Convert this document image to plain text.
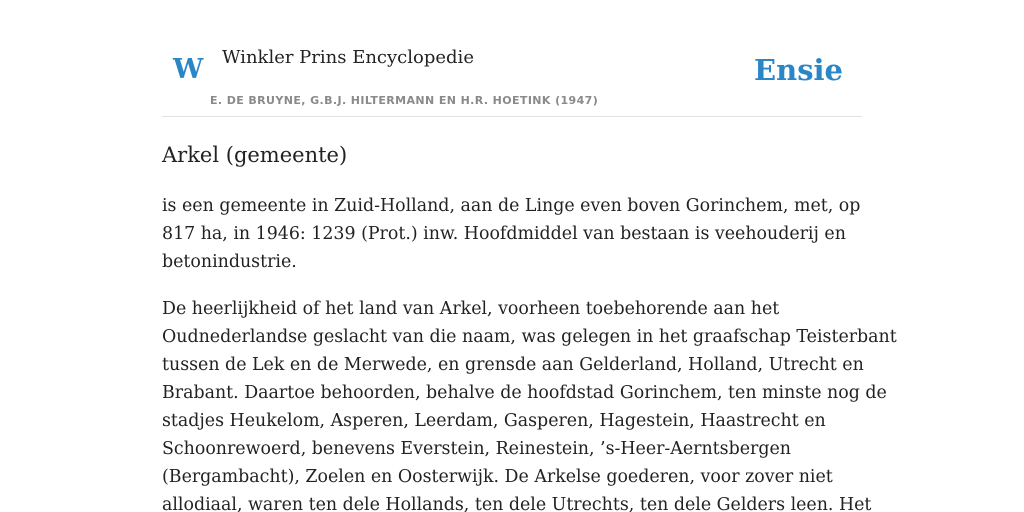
W Winkler Prins Encyclopedie
E. DE BRUYNE, G.B.J. HILTERMANN EN H.R. HOETINK (1947)
Ensie
Arkel (gemeente)

is een gemeente in Zuid-Holland, aan de Linge even boven Gorinchem, met, op
817 ha, in 1946: 1239 (Prot.) inw. Hoofdmiddel van bestaan is veehouderij en
betonindustrie.

De heerlijkheid of het land van Arkel, voorheen toebehorende aan het
Oudnederlandse geslacht van die naam, was gelegen in het graafschap Teisterbant
tussen de Lek en de Merwede, en grensde aan Gelderland, Holland, Utrecht en
Brabant. Daartoe behoorden, behalve de hoofdstad Gorinchem, ten minste nog de
stadjes Heukelom, Asperen, Leerdam, Gasperen, Hagestein, Haastrecht en
Schoonrewoerd, benevens Everstein, Reinestein, ’s-Heer-Aerntsbergen
(Bergambacht), Zoelen en Oosterwijk. De Arkelse goederen, voor zover niet
allodiaal, waren ten dele Hollands, ten dele Utrechts, ten dele Gelders leen. Het
